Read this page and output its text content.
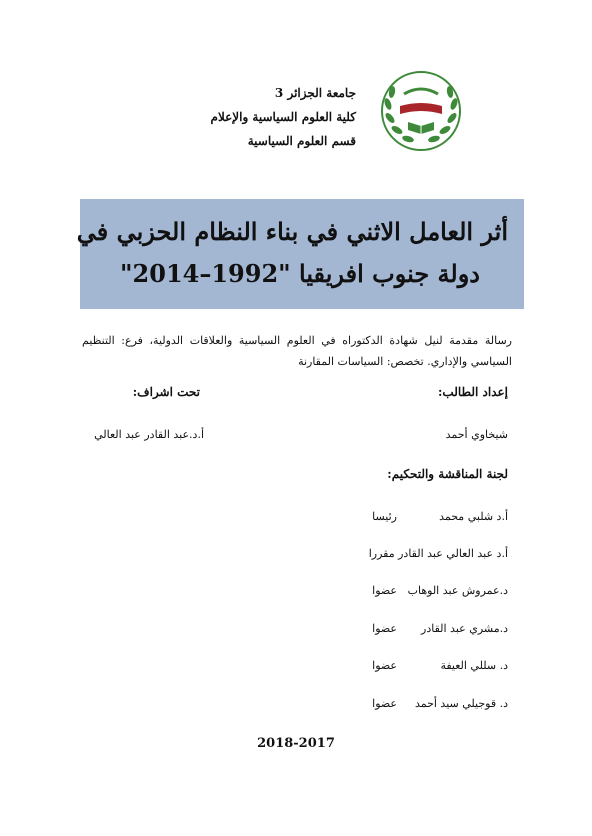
جامعة الجزائر 3
كلية العلوم السياسية والإعلام
قسم العلوم السياسية
أثر العامل الاثني في بناء النظام الحزبي في
دولة جنوب افريقيا "1992–2014"
رسالة مقدمة لنيل شهادة الدكتوراه في العلوم السياسية والعلاقات الدولية، فرع: التنظيم السياسي والإداري. تخصص: السياسات المقارنة
إعداد الطالب:
تحت اشراف:
شيخاوي أحمد
أ.د.عبد القادر عبد العالي
لجنة المناقشة والتحكيم:
أ.د شلبي محمد
رئيسا
أ.د عبد العالي عبد القادر مقررا
د.عمروش عبد الوهاب
عضوا
د.مشري عبد القادر
عضوا
د. سللي العيفة
عضوا
د. قوجيلي سيد أحمد
عضوا
2018-2017
